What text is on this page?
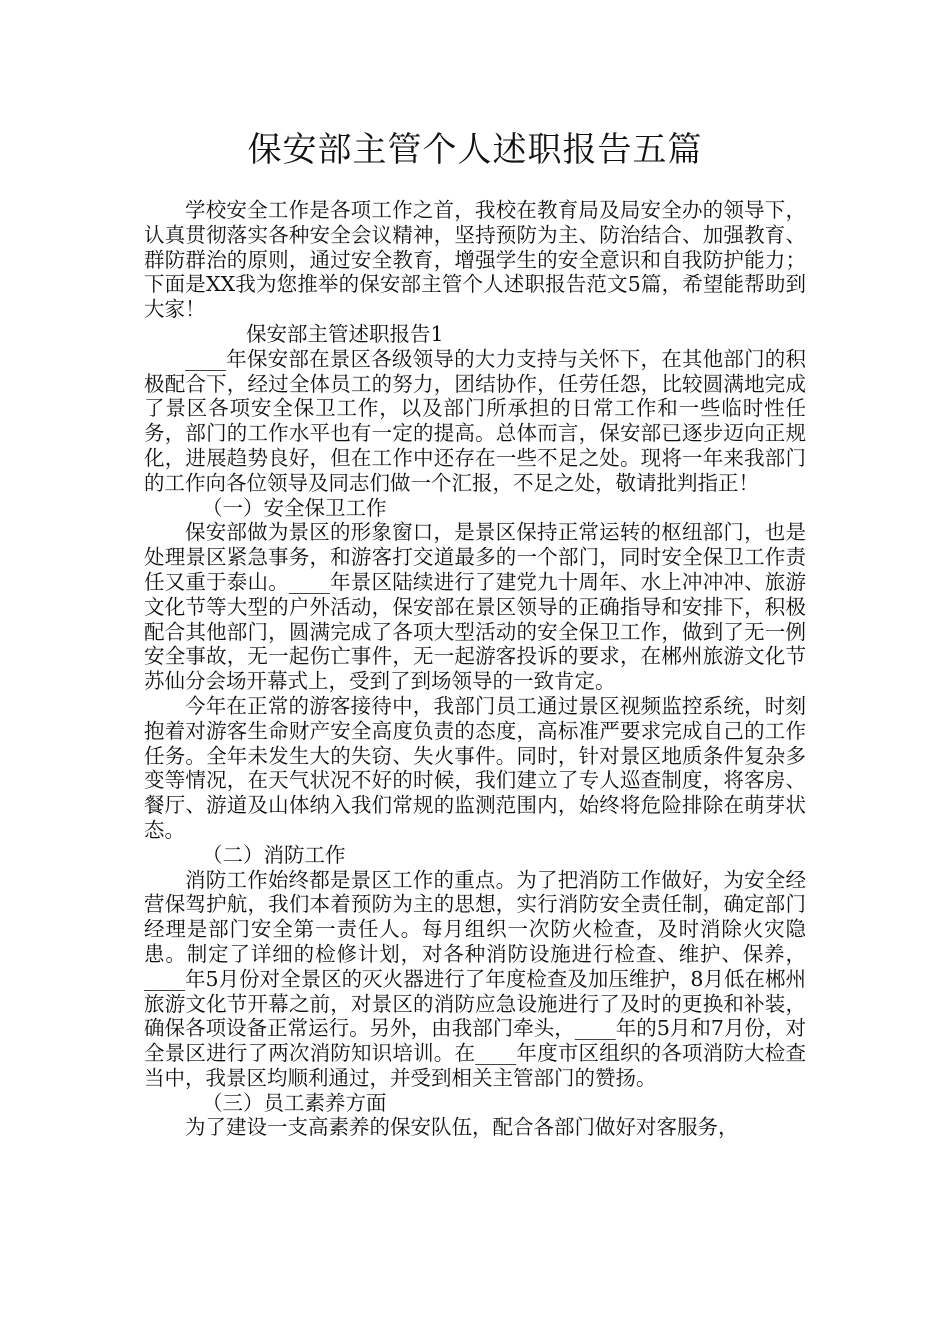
保安部主管个人述职报告五篇

学校安全工作是各项工作之首，我校在教育局及局安全办的领导下，认真贯彻落实各种安全会议精神，坚持预防为主、防治结合、加强教育、群防群治的原则，通过安全教育，增强学生的安全意识和自我防护能力；下面是XX我为您推举的保安部主管个人述职报告范文5篇，希望能帮助到大家！

保安部主管述职报告1

____年保安部在景区各级领导的大力支持与关怀下，在其他部门的积极配合下，经过全体员工的努力，团结协作，任劳任怨，比较圆满地完成了景区各项安全保卫工作，以及部门所承担的日常工作和一些临时性任务，部门的工作水平也有一定的提高。总体而言，保安部已逐步迈向正规化，进展趋势良好，但在工作中还存在一些不足之处。现将一年来我部门的工作向各位领导及同志们做一个汇报，不足之处，敬请批判指正！

（一）安全保卫工作

保安部做为景区的形象窗口，是景区保持正常运转的枢纽部门，也是处理景区紧急事务，和游客打交道最多的一个部门，同时安全保卫工作责任又重于泰山。____年景区陆续进行了建党九十周年、水上冲冲冲、旅游文化节等大型的户外活动，保安部在景区领导的正确指导和安排下，积极配合其他部门，圆满完成了各项大型活动的安全保卫工作，做到了无一例安全事故，无一起伤亡事件，无一起游客投诉的要求，在郴州旅游文化节苏仙分会场开幕式上，受到了到场领导的一致肯定。

今年在正常的游客接待中，我部门员工通过景区视频监控系统，时刻抱着对游客生命财产安全高度负责的态度，高标准严要求完成自己的工作任务。全年未发生大的失窃、失火事件。同时，针对景区地质条件复杂多变等情况，在天气状况不好的时候，我们建立了专人巡查制度，将客房、餐厅、游道及山体纳入我们常规的监测范围内，始终将危险排除在萌芽状态。

（二）消防工作

消防工作始终都是景区工作的重点。为了把消防工作做好，为安全经营保驾护航，我们本着预防为主的思想，实行消防安全责任制，确定部门经理是部门安全第一责任人。每月组织一次防火检查，及时消除火灾隐患。制定了详细的检修计划，对各种消防设施进行检查、维护、保养，____年5月份对全景区的灭火器进行了年度检查及加压维护，8月低在郴州旅游文化节开幕之前，对景区的消防应急设施进行了及时的更换和补装，确保各项设备正常运行。另外，由我部门牵头，____年的5月和7月份，对全景区进行了两次消防知识培训。在____年度市区组织的各项消防大检查当中，我景区均顺利通过，并受到相关主管部门的赞扬。

（三）员工素养方面

为了建设一支高素养的保安队伍，配合各部门做好对客服务，
